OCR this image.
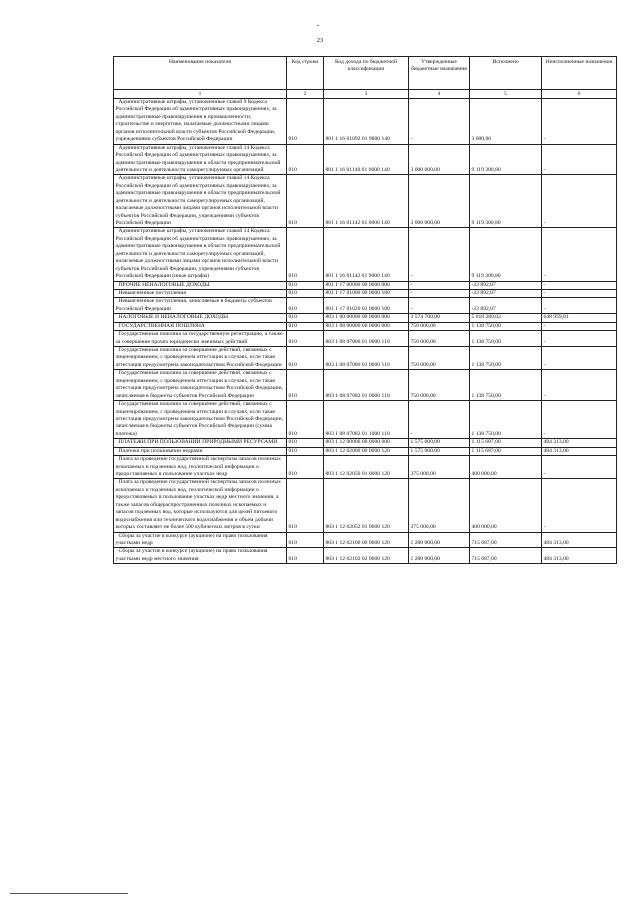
23
Наименование показателя	Код строки	Код дохода по бюджетной классификации	Утвержденные бюджетные назначения	Исполнено	Неисполненные назначения
1	2	3	4	5	6
Административные штрафы, установленные главой 9 Кодекса Российской Федерации об административных правонарушениях, за административные правонарушения в промышленности, строительстве и энергетике, налагаемые должностными лицами органов исполнительной власти субъектов Российской Федерации, учреждениями субъектов Российской Федерации	010	801 1 16 01092 01 9000 140	-	3 000,00	-
Административные штрафы, установленные главой 14 Кодекса Российской Федерации об административных правонарушениях, за административные правонарушения в области предпринимательской деятельности и деятельности саморегулируемых организаций	010	801 1 16 01140 01 0000 140	3 000 000,00	9 119 300,80	-
Административные штрафы, установленные главой 14 Кодекса Российской Федерации об административных правонарушениях, за административные правонарушения в области предпринимательской деятельности и деятельности саморегулируемых организаций, налагаемые должностными лицами органов исполнительной власти субъектов Российской Федерации, учреждениями субъектов Российской Федерации	010	801 1 16 01142 01 0000 140	3 000 000,00	9 119 300,80	-
Административные штрафы, установленные главой 14 Кодекса Российской Федерации об административных правонарушениях, за административные правонарушения в области предпринимательской деятельности и деятельности саморегулируемых организаций, налагаемые должностными лицами органов исполнительной власти субъектов Российской Федерации, учреждениями субъектов Российской Федерации (иные штрафы)	010	801 1 16 01142 01 9000 140	-	9 119 300,80	-
ПРОЧИЕ НЕНАЛОГОВЫЕ ДОХОДЫ	010	801 1 17 00000 00 0000 000	-	-23 892,07	-
Невыясненные поступления	010	801 1 17 01000 00 0000 180	-	-23 892,07	-
Невыясненные поступления, зачисляемые в бюджеты субъектов Российской Федерации	010	801 1 17 01020 02 0000 180	-	-23 892,07	-
НАЛОГОВЫЕ И НЕНАЛОГОВЫЕ ДОХОДЫ	010	803 1 00 00000 00 0000 000	3 574 700,00	5 018 280,02	648 959,81
ГОСУДАРСТВЕННАЯ ПОШЛИНА	010	803 1 08 00000 00 0000 000	750 000,00	1 138 750,00	-
Государственная пошлина за государственную регистрацию, а также за совершение прочих юридически значимых действий	010	803 1 08 07000 01 0000 110	750 000,00	1 138 750,00	-
Государственная пошлина за совершение действий, связанных с лицензированием, с проведением аттестации в случаях, если такая аттестация предусмотрена законодательством Российской Федерации	010	803 1 08 07080 01 0000 110	750 000,00	1 138 750,00	-
Государственная пошлина за совершение действий, связанных с лицензированием, с проведением аттестации в случаях, если такая аттестация предусмотрена законодательством Российской Федерации, зачисляемая в бюджеты субъектов Российской Федерации	010	803 1 08 07082 01 0000 110	750 000,00	1 138 750,00	-
Государственная пошлина за совершение действий, связанных с лицензированием, с проведением аттестации в случаях, если такая аттестация предусмотрена законодательством Российской Федерации, зачисляемая в бюджеты субъектов Российской Федерации (сумма платежа)	010	803 1 08 07082 01 1000 110	-	1 138 750,00	-
ПЛАТЕЖИ ПРИ ПОЛЬЗОВАНИИ ПРИРОДНЫМИ РЕСУРСАМИ	010	803 1 12 00000 00 0000 000	1 575 000,00	1 115 687,00	484 313,00
Платежи при пользовании недрами	010	803 1 12 02000 00 0000 120	1 575 000,00	1 115 687,00	484 313,00
Плата за проведение государственной экспертизы запасов полезных ископаемых и подземных вод, геологической информации о предоставляемых в пользование участках недр	010	803 1 12 02050 01 0000 120	375 000,00	400 000,00	-
Плата за проведение государственной экспертизы запасов полезных ископаемых и подземных вод, геологической информации о предоставляемых в пользование участках недр местного значения, а также запасов общераспространенных полезных ископаемых и запасов подземных вод, которые используются для целей питьевого водоснабжения или технического водоснабжения и объем добычи которых составляет не более 500 кубических метров в сутки	010	803 1 12 02052 01 0000 120	375 000,00	400 000,00	-
Сборы за участие в конкурсе (аукционе) на право пользования участками недр	010	803 1 12 02100 00 0000 120	1 200 000,00	715 687,00	484 313,00
Сборы за участие в конкурсе (аукционе) на право пользования участками недр местного значения	010	803 1 12 02102 02 0000 120	1 200 000,00	715 687,00	484 313,00
